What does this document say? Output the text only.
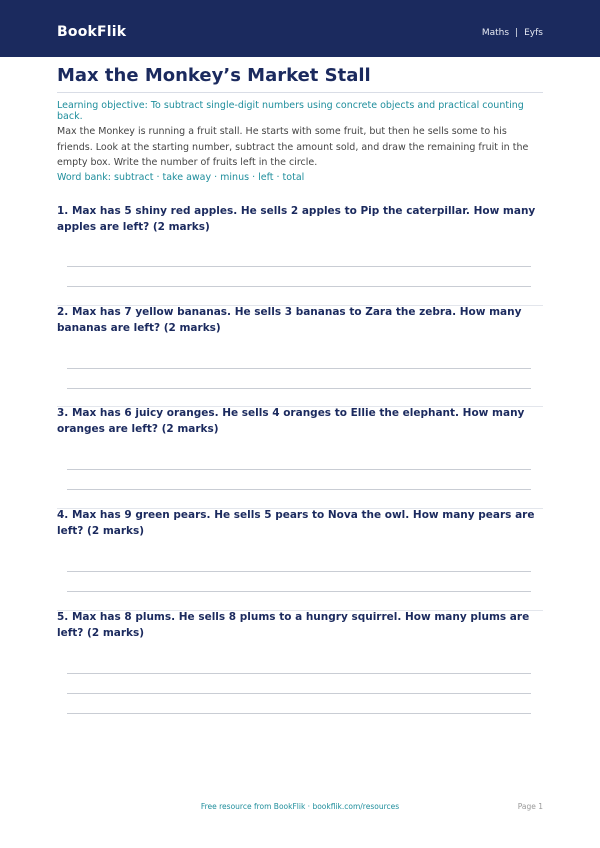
BookFlik	Maths | Eyfs
Max the Monkey’s Market Stall
Learning objective: To subtract single-digit numbers using concrete objects and practical counting back.
Max the Monkey is running a fruit stall. He starts with some fruit, but then he sells some to his friends. Look at the starting number, subtract the amount sold, and draw the remaining fruit in the empty box. Write the number of fruits left in the circle.
Word bank: subtract · take away · minus · left · total
1. Max has 5 shiny red apples. He sells 2 apples to Pip the caterpillar. How many apples are left? (2 marks)
2. Max has 7 yellow bananas. He sells 3 bananas to Zara the zebra. How many bananas are left? (2 marks)
3. Max has 6 juicy oranges. He sells 4 oranges to Ellie the elephant. How many oranges are left? (2 marks)
4. Max has 9 green pears. He sells 5 pears to Nova the owl. How many pears are left? (2 marks)
5. Max has 8 plums. He sells 8 plums to a hungry squirrel. How many plums are left? (2 marks)
Free resource from BookFlik · bookflik.com/resources	Page 1
